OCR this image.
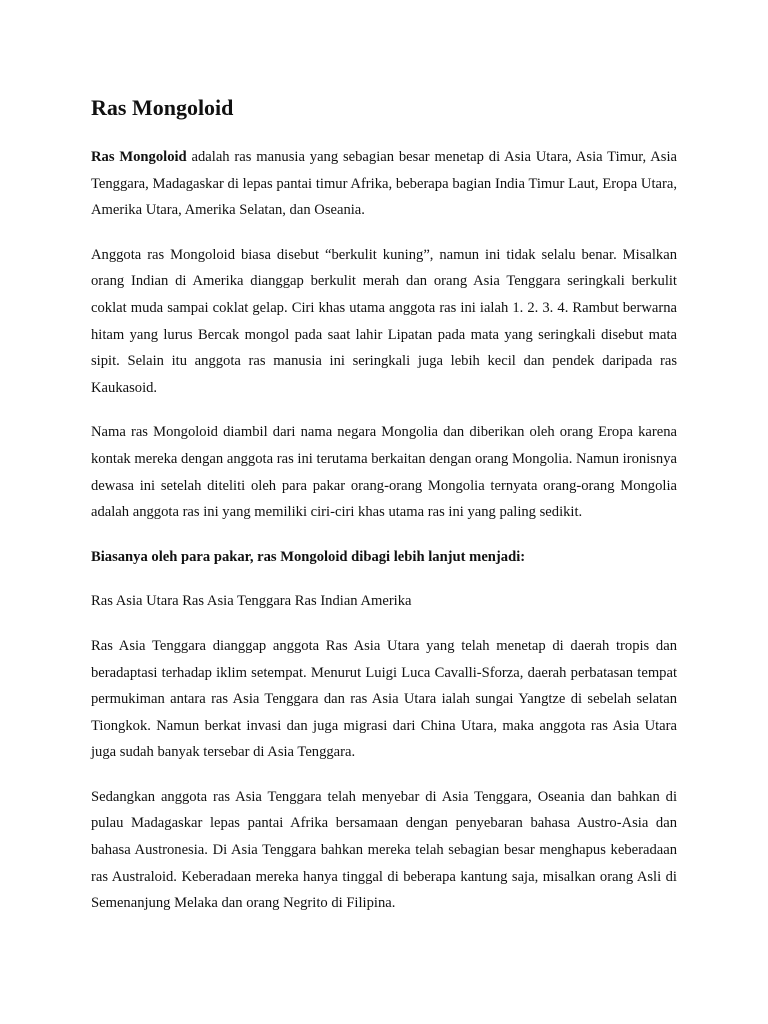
Ras Mongoloid

Ras Mongoloid adalah ras manusia yang sebagian besar menetap di Asia Utara, Asia Timur, Asia Tenggara, Madagaskar di lepas pantai timur Afrika, beberapa bagian India Timur Laut, Eropa Utara, Amerika Utara, Amerika Selatan, dan Oseania.

Anggota ras Mongoloid biasa disebut “berkulit kuning”, namun ini tidak selalu benar. Misalkan orang Indian di Amerika dianggap berkulit merah dan orang Asia Tenggara seringkali berkulit coklat muda sampai coklat gelap. Ciri khas utama anggota ras ini ialah 1. 2. 3. 4. Rambut berwarna hitam yang lurus Bercak mongol pada saat lahir Lipatan pada mata yang seringkali disebut mata sipit. Selain itu anggota ras manusia ini seringkali juga lebih kecil dan pendek daripada ras Kaukasoid.

Nama ras Mongoloid diambil dari nama negara Mongolia dan diberikan oleh orang Eropa karena kontak mereka dengan anggota ras ini terutama berkaitan dengan orang Mongolia. Namun ironisnya dewasa ini setelah diteliti oleh para pakar orang-orang Mongolia ternyata orang-orang Mongolia adalah anggota ras ini yang memiliki ciri-ciri khas utama ras ini yang paling sedikit.

Biasanya oleh para pakar, ras Mongoloid dibagi lebih lanjut menjadi:

Ras Asia Utara Ras Asia Tenggara Ras Indian Amerika

Ras Asia Tenggara dianggap anggota Ras Asia Utara yang telah menetap di daerah tropis dan beradaptasi terhadap iklim setempat. Menurut Luigi Luca Cavalli-Sforza, daerah perbatasan tempat permukiman antara ras Asia Tenggara dan ras Asia Utara ialah sungai Yangtze di sebelah selatan Tiongkok. Namun berkat invasi dan juga migrasi dari China Utara, maka anggota ras Asia Utara juga sudah banyak tersebar di Asia Tenggara.

Sedangkan anggota ras Asia Tenggara telah menyebar di Asia Tenggara, Oseania dan bahkan di pulau Madagaskar lepas pantai Afrika bersamaan dengan penyebaran bahasa Austro-Asia dan bahasa Austronesia. Di Asia Tenggara bahkan mereka telah sebagian besar menghapus keberadaan ras Australoid. Keberadaan mereka hanya tinggal di beberapa kantung saja, misalkan orang Asli di Semenanjung Melaka dan orang Negrito di Filipina.
